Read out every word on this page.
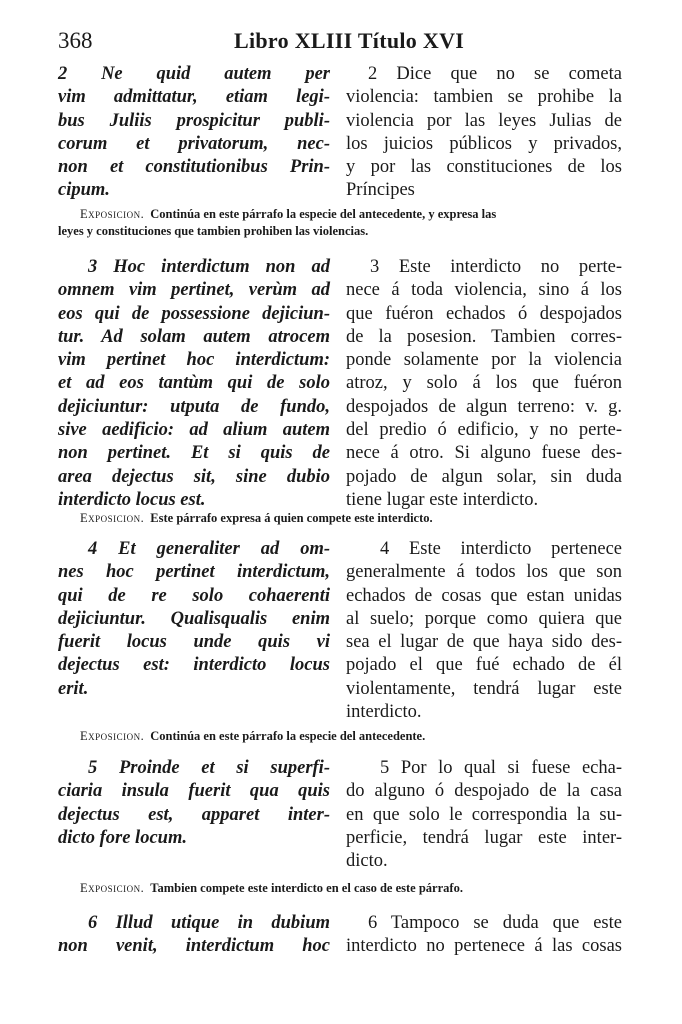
368	Libro XLIII Título XVI
2 Ne quid autem per
vim admittatur, etiam legi-
bus Juliis prospicitur publi-
corum et privatorum, nec-
non et constitutionibus Prin-
cipum.
2 Dice que no se cometa
violencia: tambien se prohibe la
violencia por las leyes Julias de
los juicios públicos y privados,
y por las constituciones de los
Príncipes
Exposicion. Continúa en este párrafo la especie del antecedente, y expresa las
leyes y constituciones que tambien prohiben las violencias.
3 Hoc interdictum non ad
omnem vim pertinet, verùm ad
eos qui de possessione dejiciun-
tur. Ad solam autem atrocem
vim pertinet hoc interdictum:
et ad eos tantùm qui de solo
dejiciuntur: utputa de fundo,
sive aedificio: ad alium autem
non pertinet. Et si quis de
area dejectus sit, sine dubio
interdicto locus est.
3 Este interdicto no perte-
nece á toda violencia, sino á los
que fuéron echados ó despojados
de la posesion. Tambien corres-
ponde solamente por la violencia
atroz, y solo á los que fuéron
despojados de algun terreno: v. g.
del predio ó edificio, y no perte-
nece á otro. Si alguno fuese des-
pojado de algun solar, sin duda
tiene lugar este interdicto.
Exposicion. Este párrafo expresa á quien compete este interdicto.
4 Et generaliter ad om-
nes hoc pertinet interdictum,
qui de re solo cohaerenti
dejiciuntur. Qualisqualis enim
fuerit locus unde quis vi
dejectus est: interdicto locus
erit.
4 Este interdicto pertenece
generalmente á todos los que son
echados de cosas que estan unidas
al suelo; porque como quiera que
sea el lugar de que haya sido des-
pojado el que fué echado de él
violentamente, tendrá lugar este
interdicto.
Exposicion. Continúa en este párrafo la especie del antecedente.
5 Proinde et si superfi-
ciaria insula fuerit qua quis
dejectus est, apparet inter-
dicto fore locum.
5 Por lo qual si fuese echa-
do alguno ó despojado de la casa
en que solo le correspondia la su-
perficie, tendrá lugar este inter-
dicto.
Exposicion. Tambien compete este interdicto en el caso de este párrafo.
6 Illud utique in dubium
non venit, interdictum hoc
6 Tampoco se duda que este
interdicto no pertenece á las cosas
